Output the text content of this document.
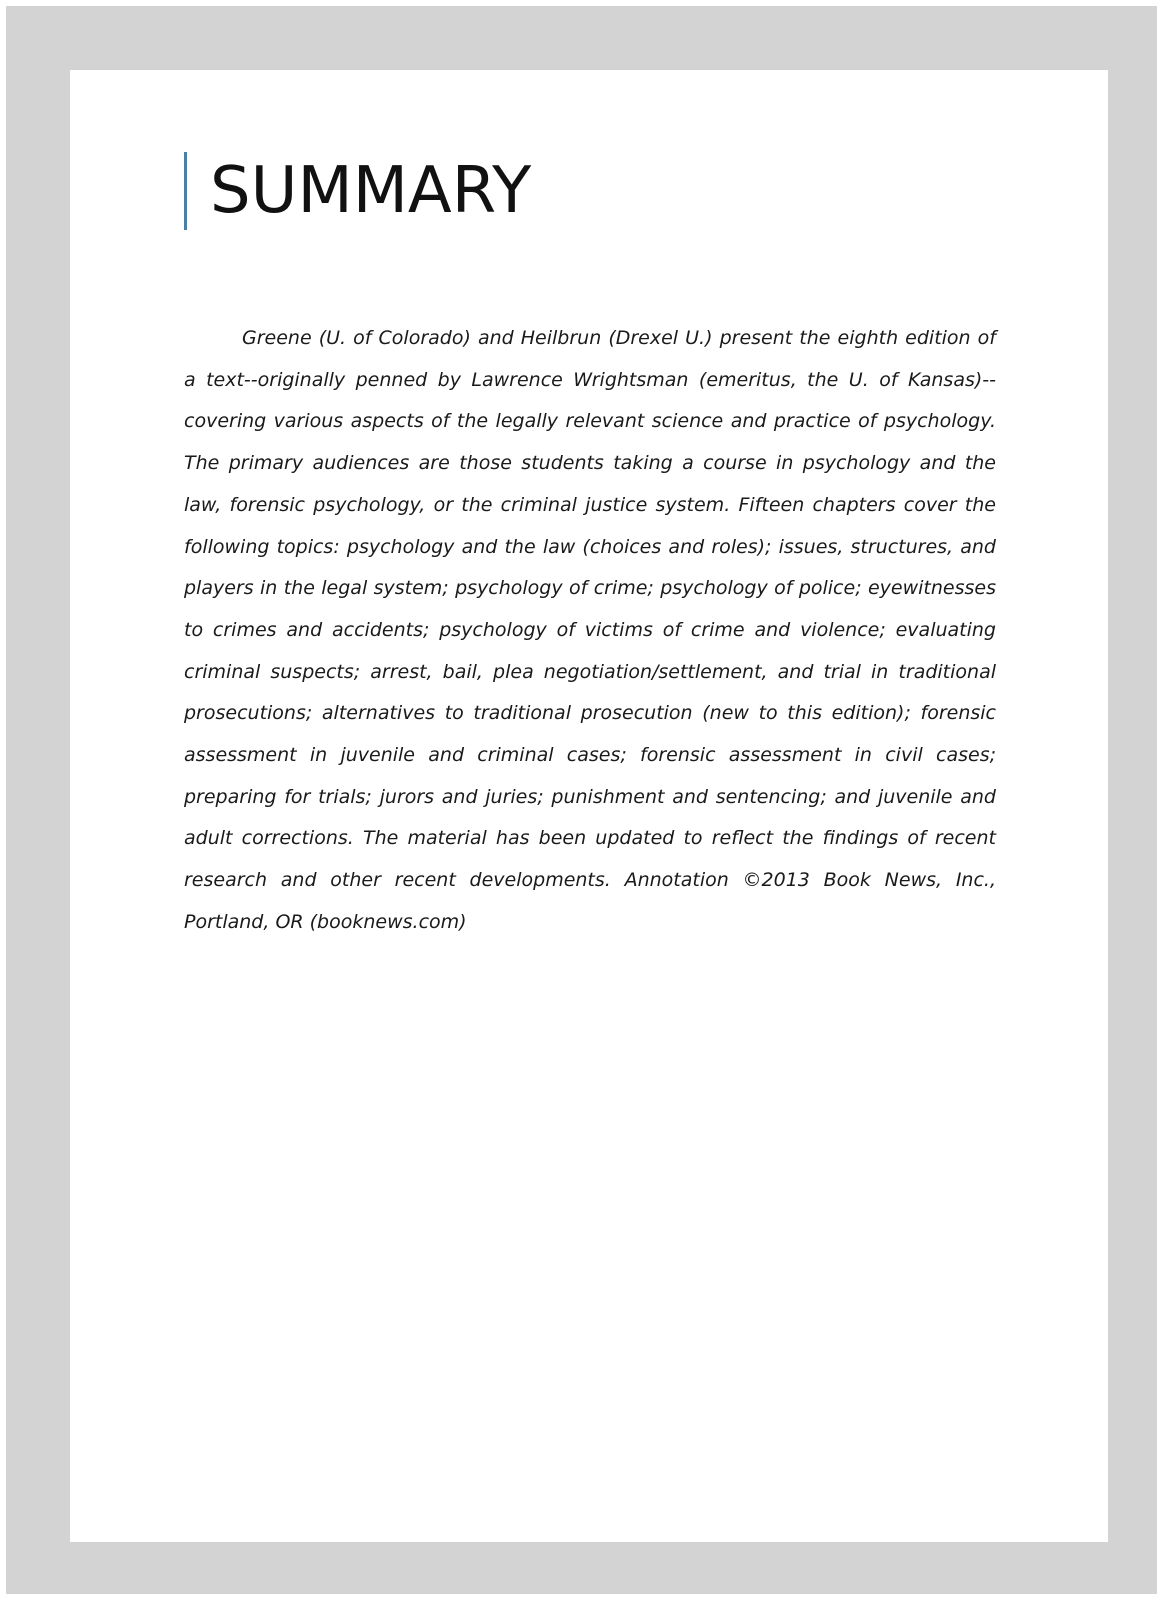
SUMMARY

Greene (U. of Colorado) and Heilbrun (Drexel U.) present the eighth edition of a text--originally penned by Lawrence Wrightsman (emeritus, the U. of Kansas)--covering various aspects of the legally relevant science and practice of psychology. The primary audiences are those students taking a course in psychology and the law, forensic psychology, or the criminal justice system. Fifteen chapters cover the following topics: psychology and the law (choices and roles); issues, structures, and players in the legal system; psychology of crime; psychology of police; eyewitnesses to crimes and accidents; psychology of victims of crime and violence; evaluating criminal suspects; arrest, bail, plea negotiation/settlement, and trial in traditional prosecutions; alternatives to traditional prosecution (new to this edition); forensic assessment in juvenile and criminal cases; forensic assessment in civil cases; preparing for trials; jurors and juries; punishment and sentencing; and juvenile and adult corrections. The material has been updated to reflect the findings of recent research and other recent developments. Annotation ©2013 Book News, Inc., Portland, OR (booknews.com)
